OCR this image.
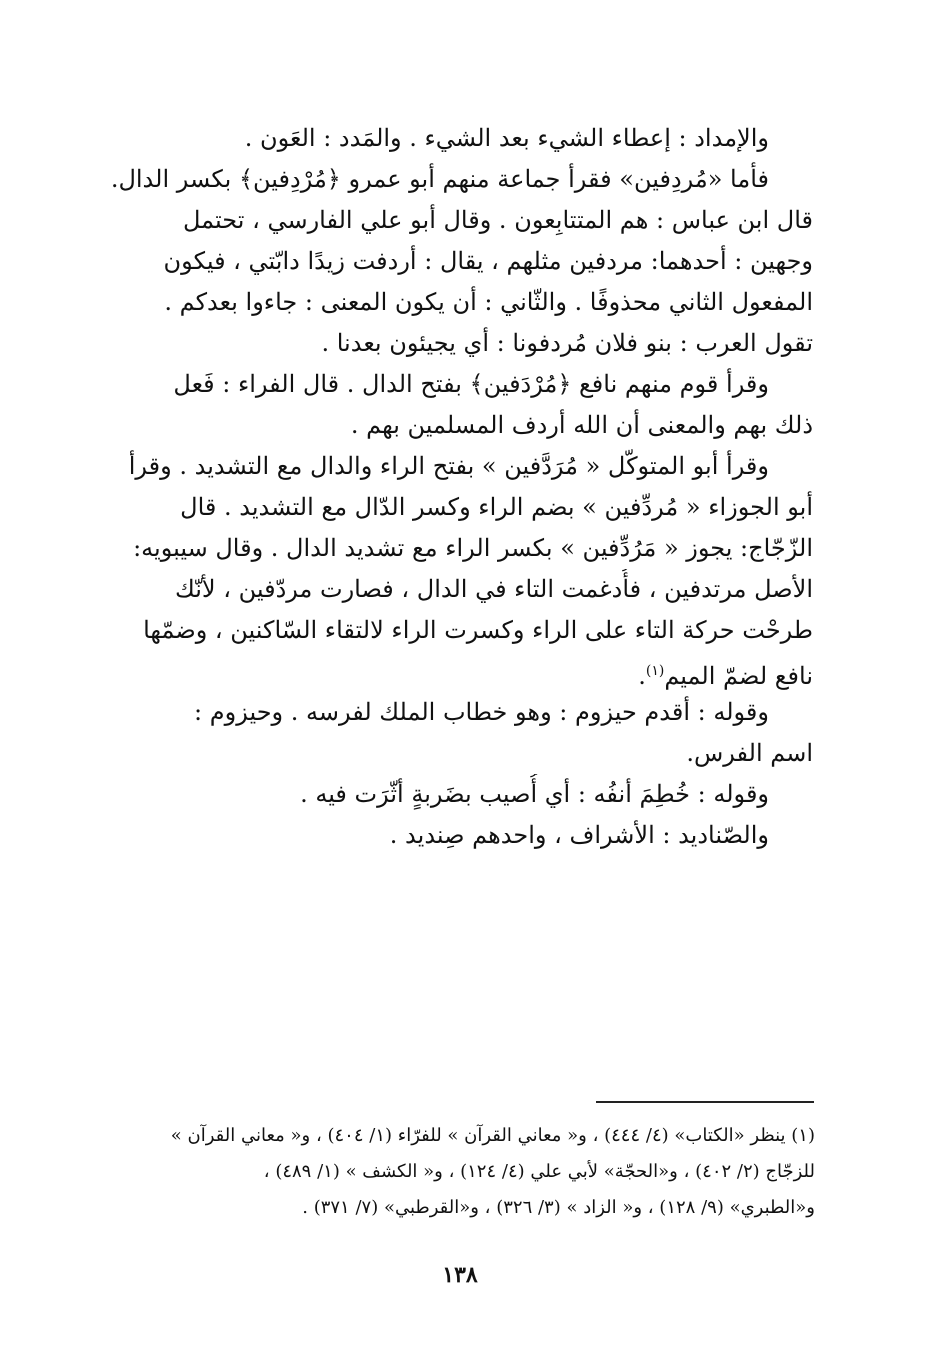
والإمداد : إعطاء الشيء بعد الشيء . والمَدد : العَون .

فأما «مُردِفين» فقرأ جماعة منهم أبو عمرو ﴿مُرْدِفين﴾ بكسر الدال.
قال ابن عباس : هم المتتابِعون . وقال أبو علي الفارسي ، تحتمل
وجهين : أحدهما: مردفين مثلهم ، يقال : أردفت زيدًا دابّتي ، فيكون
المفعول الثاني محذوفًا . والثّاني : أن يكون المعنى : جاءوا بعدكم .
تقول العرب : بنو فلان مُردفونا : أي يجيئون بعدنا .

وقرأ قوم منهم نافع ﴿مُرْدَفين﴾ بفتح الدال . قال الفراء : فَعل
ذلك بهم والمعنى أن الله أردف المسلمين بهم .

وقرأ أبو المتوكّل « مُرَدَّفين » بفتح الراء والدال مع التشديد . وقرأ
أبو الجوزاء « مُردِّفين » بضم الراء وكسر الدّال مع التشديد . قال
الزّجّاج: يجوز « مَرُدِّفين » بكسر الراء مع تشديد الدال . وقال سيبويه:
الأصل مرتدفين ، فأُدغمت التاء في الدال ، فصارت مردّفين ، لأنّك
طرحْت حركة التاء على الراء وكسرت الراء لالتقاء السّاكنين ، وضمّها
نافع لضمّ الميم$^{(١)}$.

وقوله : أقدم حيزوم : وهو خطاب الملك لفرسه . وحيزوم :
اسم الفرس.

وقوله : خُطِمَ أنفُه : أي أُصيب بضَربةٍ أثّرَت فيه .

والصّناديد : الأشراف ، واحدهم صِنديد .

(١) ينظر «الكتاب» (٤/ ٤٤٤) ، و« معاني القرآن » للفرّاء (١/ ٤٠٤) ، و« معاني القرآن »
للزجّاج (٢/ ٤٠٢) ، و«الحجّة» لأبي علي (٤/ ١٢٤) ، و« الكشف » (١/ ٤٨٩) ،
و«الطبري» (٩/ ١٢٨) ، و« الزاد » (٣/ ٣٢٦) ، و«القرطبي» (٧/ ٣٧١) .
١٣٨
